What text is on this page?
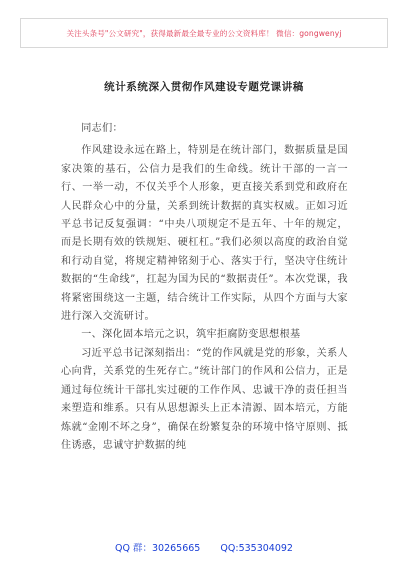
关注头条号"公文研究"，获得最新最全最专业的公文资料库！ 微信：gongwenyj
统计系统深入贯彻作风建设专题党课讲稿

同志们：

作风建设永远在路上，特别是在统计部门，数据质量是国家决策的基石，公信力是我们的生命线。统计干部的一言一行、一举一动，不仅关乎个人形象，更直接关系到党和政府在人民群众心中的分量，关系到统计数据的真实权威。正如习近平总书记反复强调：“中央八项规定不是五年、十年的规定，而是长期有效的铁规矩、硬杠杠。”我们必须以高度的政治自觉和行动自觉，将规定精神铭刻于心、落实于行，坚决守住统计数据的“生命线”，扛起为国为民的“数据责任”。本次党课，我将紧密围绕这一主题，结合统计工作实际，从四个方面与大家进行深入交流研讨。

一、深化固本培元之识，筑牢拒腐防变思想根基

习近平总书记深刻指出：“党的作风就是党的形象，关系人心向背，关系党的生死存亡。”统计部门的作风和公信力，正是通过每位统计干部扎实过硬的工作作风、忠诚干净的责任担当来塑造和维系。只有从思想源头上正本清源、固本培元，方能炼就“金刚不坏之身”，确保在纷繁复杂的环境中恪守原则、抵住诱惑，忠诚守护数据的纯

QQ 群：30265665 QQ:535304092
